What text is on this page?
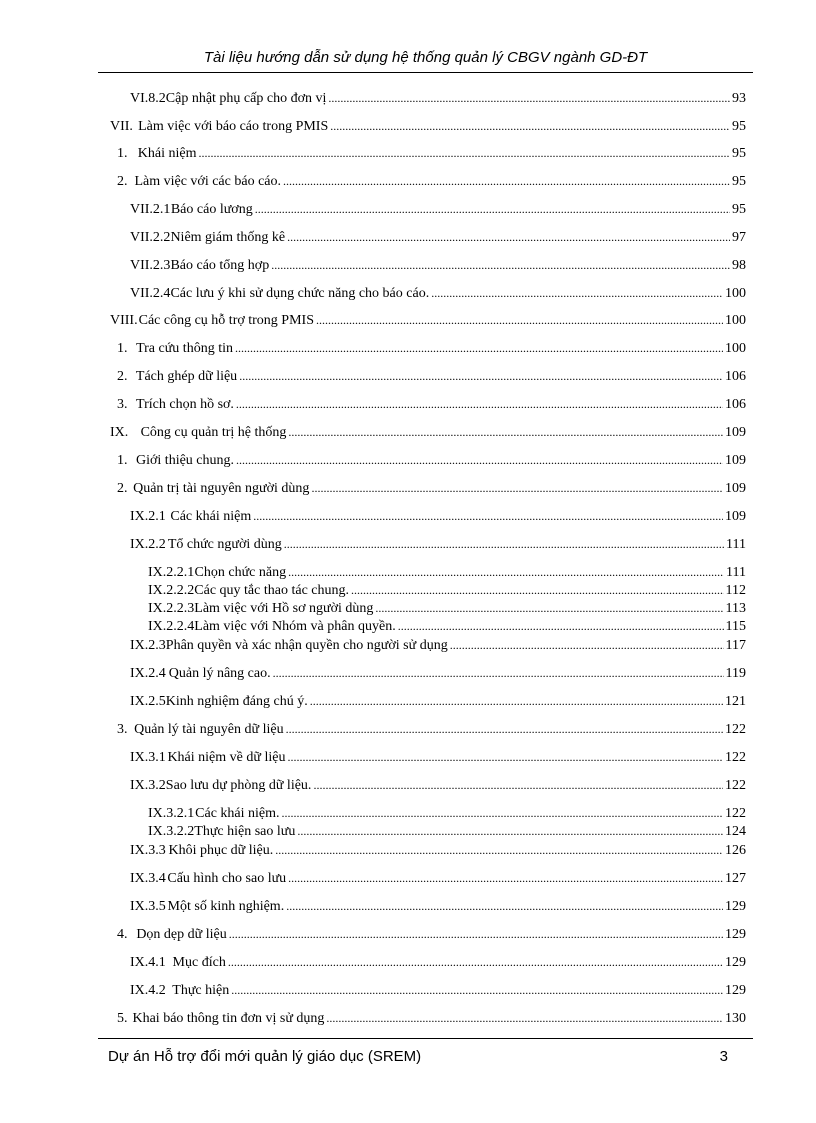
Tài liệu hướng dẫn sử dụng hệ thống quản lý CBGV ngành GD-ĐT
VI.8.2 Cập nhật phụ cấp cho đơn vị .....	93
VII. Làm việc với báo cáo trong PMIS .....	95
1. Khái niệm .....	95
2. Làm việc với các báo cáo. .....	95
VII.2.1 Báo cáo lương .....	95
VII.2.2 Niêm giám thống kê .....	97
VII.2.3 Báo cáo tổng hợp .....	98
VII.2.4 Các lưu ý khi sử dụng chức năng cho báo cáo. .....	100
VIII. Các công cụ hỗ trợ trong PMIS .....	100
1. Tra cứu thông tin .....	100
2. Tách ghép dữ liệu .....	106
3. Trích chọn hồ sơ. .....	106
IX. Công cụ quản trị hệ thống .....	109
1. Giới thiệu chung. .....	109
2. Quản trị tài nguyên người dùng .....	109
IX.2.1 Các khái niệm .....	109
IX.2.2 Tổ chức người dùng .....	111
IX.2.2.1 Chọn chức năng .....	111
IX.2.2.2 Các quy tắc thao tác chung. .....	112
IX.2.2.3 Làm việc với Hồ sơ người dùng .....	113
IX.2.2.4 Làm việc với Nhóm và phân quyền. .....	115
IX.2.3 Phân quyền và xác nhận quyền cho người sử dụng .....	117
IX.2.4 Quản lý nâng cao. .....	119
IX.2.5 Kinh nghiệm đáng chú ý. .....	121
3. Quản lý tài nguyên dữ liệu .....	122
IX.3.1 Khái niệm về dữ liệu .....	122
IX.3.2 Sao lưu dự phòng dữ liệu. .....	122
IX.3.2.1 Các khái niệm. .....	122
IX.3.2.2 Thực hiện sao lưu .....	124
IX.3.3 Khôi phục dữ liệu. .....	126
IX.3.4 Cấu hình cho sao lưu .....	127
IX.3.5 Một số kinh nghiệm. .....	129
4. Dọn dẹp dữ liệu .....	129
IX.4.1 Mục đích .....	129
IX.4.2 Thực hiện .....	129
5. Khai báo thông tin đơn vị sử dụng .....	130
Dự án Hỗ trợ đổi mới quản lý giáo dục (SREM)	3
